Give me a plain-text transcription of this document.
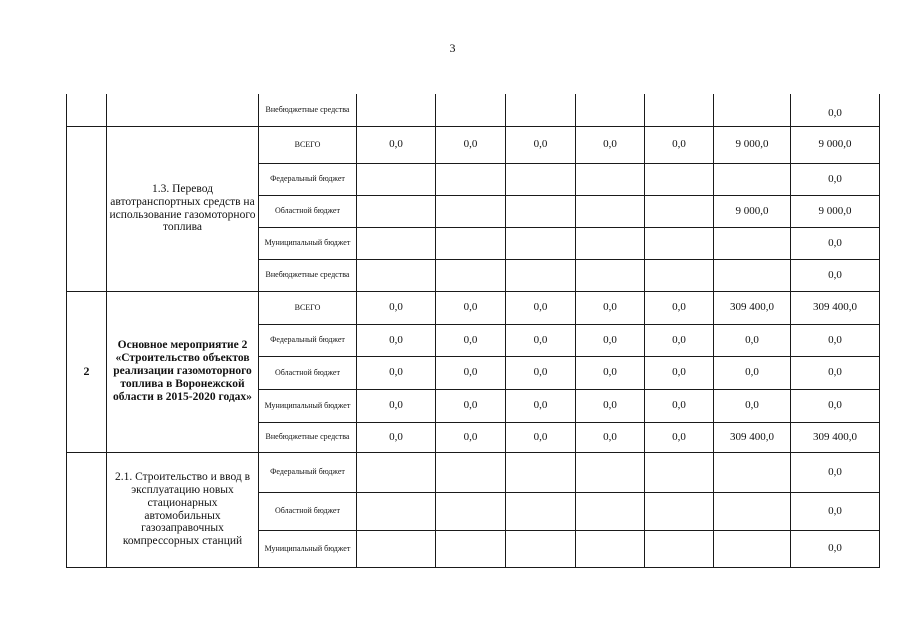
3
		Внебюджетные средства							0,0
	1.3. Перевод автотранспортных средств на использование газомоторного топлива	ВСЕГО	0,0	0,0	0,0	0,0	0,0	9 000,0	9 000,0
		Федеральный бюджет							0,0
		Областной бюджет						9 000,0	9 000,0
		Муниципальный бюджет							0,0
		Внебюджетные средства							0,0
2	Основное мероприятие 2 «Строительство объектов реализации газомоторного топлива в Воронежской области в 2015-2020 годах»	ВСЕГО	0,0	0,0	0,0	0,0	0,0	309 400,0	309 400,0
		Федеральный бюджет	0,0	0,0	0,0	0,0	0,0	0,0	0,0
		Областной бюджет	0,0	0,0	0,0	0,0	0,0	0,0	0,0
		Муниципальный бюджет	0,0	0,0	0,0	0,0	0,0	0,0	0,0
		Внебюджетные средства	0,0	0,0	0,0	0,0	0,0	309 400,0	309 400,0
	2.1. Строительство и ввод в эксплуатацию новых стационарных автомобильных газозаправочных компрессорных станций	Федеральный бюджет							0,0
		Областной бюджет							0,0
		Муниципальный бюджет							0,0
